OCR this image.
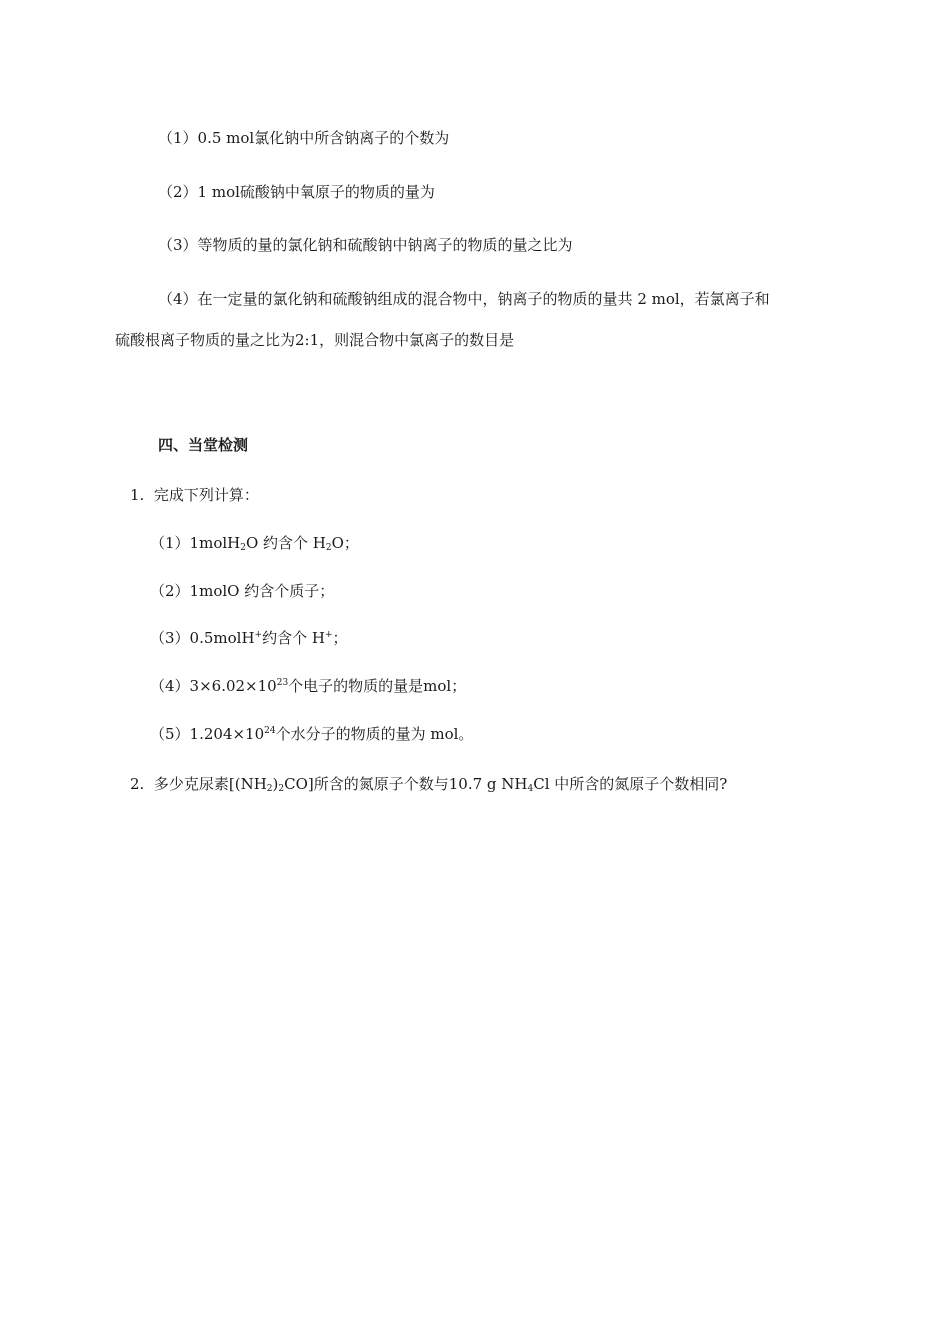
（1）0.5 mol氯化钠中所含钠离子的个数为

（2）1 mol硫酸钠中氧原子的物质的量为

（3）等物质的量的氯化钠和硫酸钠中钠离子的物质的量之比为

（4）在一定量的氯化钠和硫酸钠组成的混合物中，钠离子的物质的量共 2 mol，若氯离子和

硫酸根离子物质的量之比为2:1，则混合物中氯离子的数目是

四、当堂检测

1. 完成下列计算：

（1）1molH$_2$O 约含个 $H_2O$；

（2）1molO 约含个质子；

（3）0.5molH+约含个 H+；

$(4)3\times 6.02\times 10^{23}$个电子的物质的量是mol；

$(5)1.204\times 10^{24}$个水分子的物质的量为 mol。

2. 多少克尿素$[(NH_2)_2CO]$所含的氮原子个数与10.7 g $NH_4Cl$ 中所含的氮原子个数相同?
